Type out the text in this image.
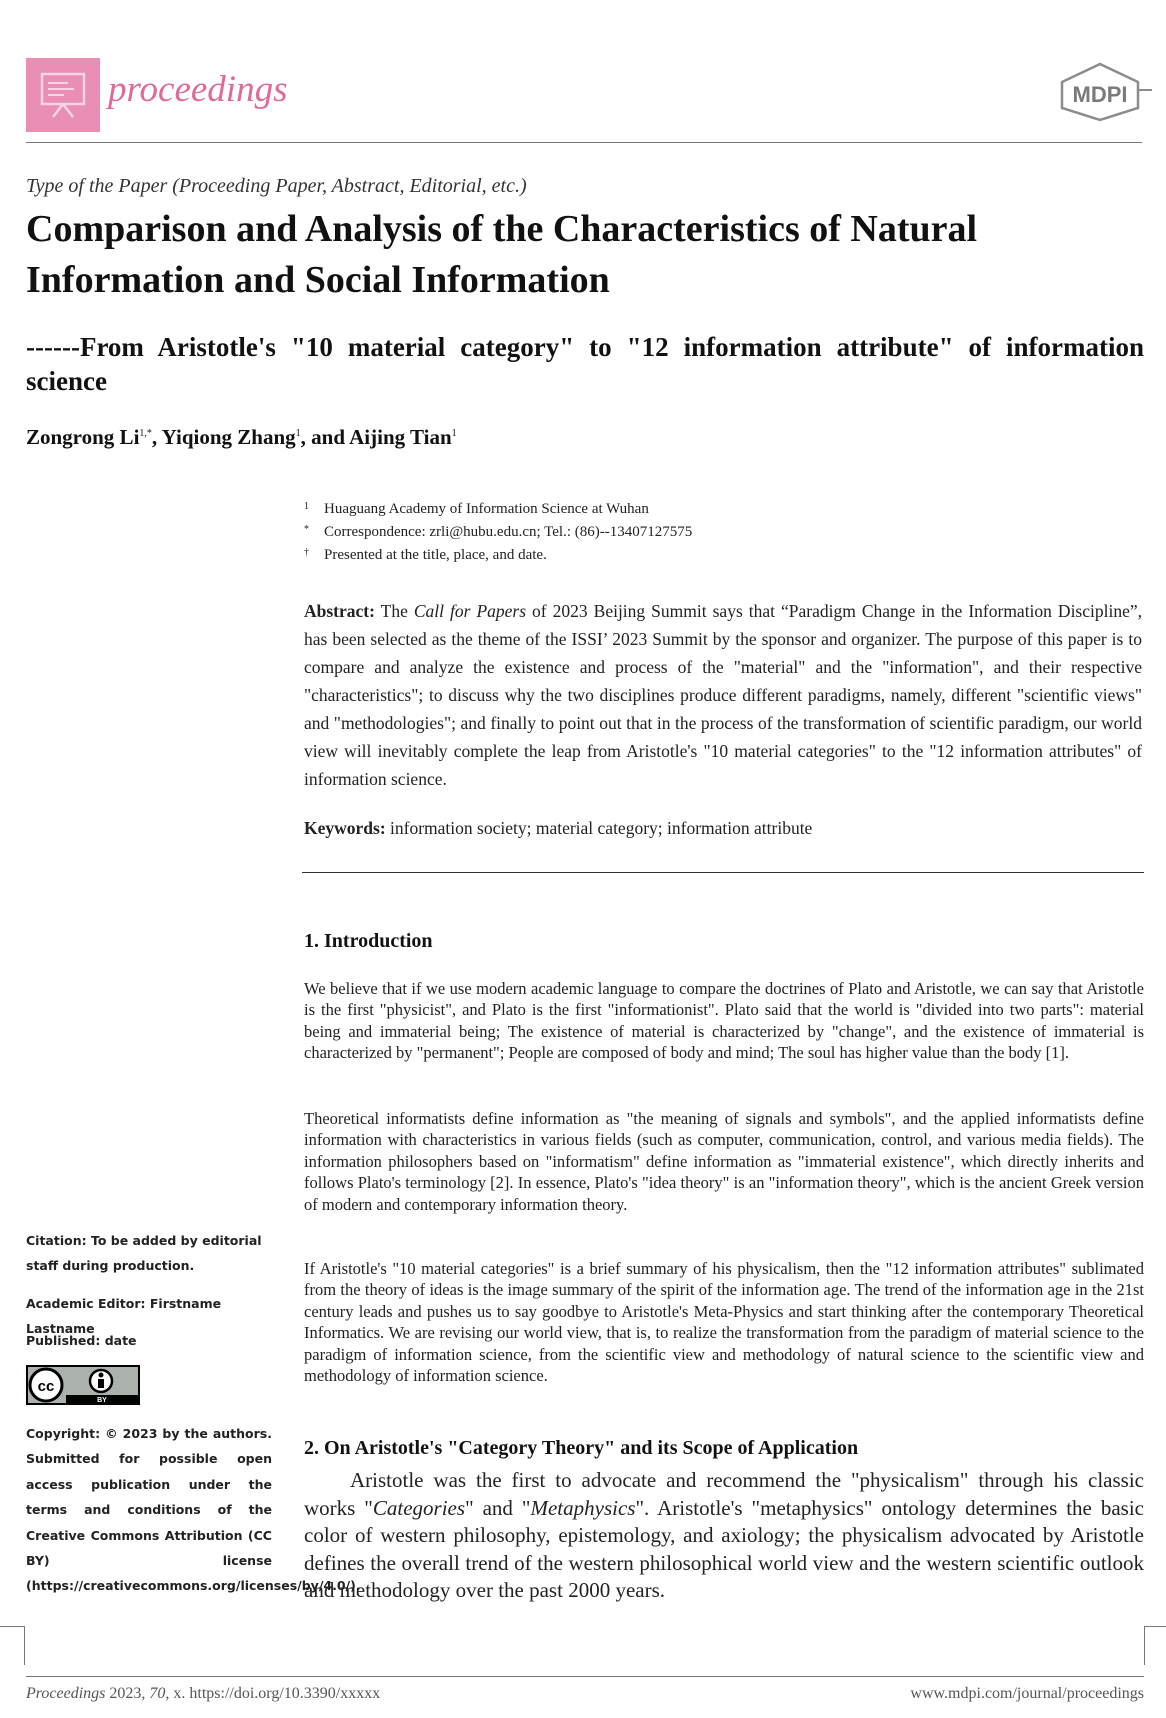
proceedings	MDPI
Type of the Paper (Proceeding Paper, Abstract, Editorial, etc.)
Comparison and Analysis of the Characteristics of Natural Information and Social Information
------From Aristotle's "10 material category" to "12 information attribute" of information science
Zongrong $Li^{1,*}$, Yiqiong Zhang$^1$, and Aijing Tian$^1$
1 Huaguang Academy of Information Science at Wuhan
* Correspondence: zrli@hubu.edu.cn; Tel.: (86)--13407127575
† Presented at the title, place, and date.
Abstract: The Call for Papers of 2023 Beijing Summit says that “Paradigm Change in the Information Discipline”, has been selected as the theme of the ISSI’ 2023 Summit by the sponsor and organizer. The purpose of this paper is to compare and analyze the existence and process of the "material" and the "information", and their respective "characteristics"; to discuss why the two disciplines produce different paradigms, namely, different "scientific views" and "methodologies"; and finally to point out that in the process of the transformation of scientific paradigm, our world view will inevitably complete the leap from Aristotle's "10 material categories" to the "12 information attributes" of information science.
Keywords: information society; material category; information attribute
1. Introduction
We believe that if we use modern academic language to compare the doctrines of Plato and Aristotle, we can say that Aristotle is the first "physicist", and Plato is the first "informationist". Plato said that the world is "divided into two parts": material being and immaterial being; The existence of material is characterized by "change", and the existence of immaterial is characterized by "permanent"; People are composed of body and mind; The soul has higher value than the body [1].
Theoretical informatists define information as "the meaning of signals and symbols", and the applied informatists define information with characteristics in various fields (such as computer, communication, control, and various media fields). The information philosophers based on "informatism" define information as "immaterial existence", which directly inherits and follows Plato's terminology [2]. In essence, Plato's "idea theory" is an "information theory", which is the ancient Greek version of modern and contemporary information theory.
If Aristotle's "10 material categories" is a brief summary of his physicalism, then the "12 information attributes" sublimated from the theory of ideas is the image summary of the spirit of the information age. The trend of the information age in the 21st century leads and pushes us to say goodbye to Aristotle's Meta-Physics and start thinking after the contemporary Theoretical Informatics. We are revising our world view, that is, to realize the transformation from the paradigm of material science to the paradigm of information science, from the scientific view and methodology of natural science to the scientific view and methodology of information science.
2. On Aristotle's "Category Theory" and its Scope of Application
Aristotle was the first to advocate and recommend the "physicalism" through his classic works "Categories" and "Metaphysics". Aristotle's "metaphysics" ontology determines the basic color of western philosophy, epistemology, and axiology; the physicalism advocated by Aristotle defines the overall trend of the western philosophical world view and the western scientific outlook and methodology over the past 2000 years.
Citation: To be added by editorial staff during production.
Academic Editor: Firstname Lastname
Published: date
cc
BY
Copyright: © 2023 by the authors. Submitted for possible open access publication under the terms and conditions of the Creative Commons Attribution (CC BY) license (https://creativecommons.org/licenses/by/4.0/).
Proceedings 2023, 70, x. https://doi.org/10.3390/xxxxx	www.mdpi.com/journal/proceedings
